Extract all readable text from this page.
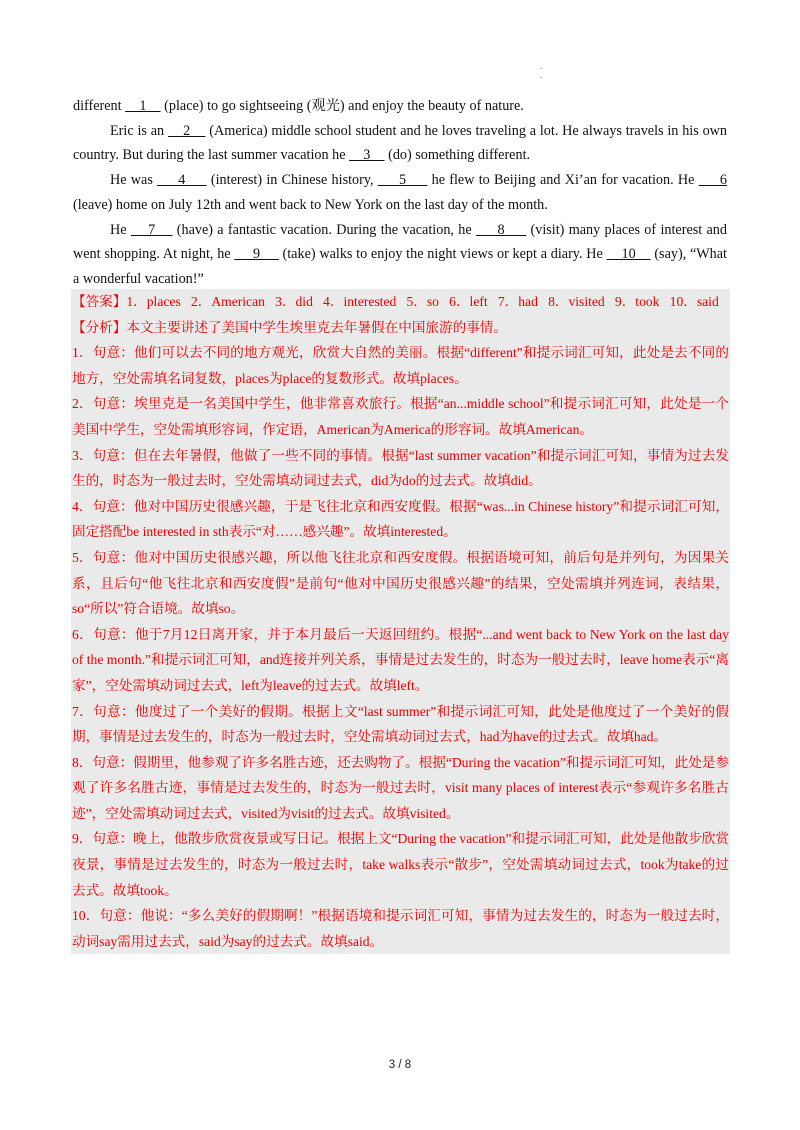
.
.

different     1     (place) to go sightseeing (观光) and enjoy the beauty of nature.

Eric is an     2     (America) middle school student and he loves traveling a lot. He always travels in his own country. But during the last summer vacation he     3     (do) something different.

He was      4      (interest) in Chinese history,      5      he flew to Beijing and Xi’an for vacation. He      6 (leave) home on July 12th and went back to New York on the last day of the month.

He     7     (have) a fantastic vacation. During the vacation, he      8      (visit) many places of interest and went shopping. At night, he      9      (take) walks to enjoy the night views or kept a diary. He     10     (say), “What a wonderful vacation!”

【答案】1．places   2．American   3．did   4．interested   5．so   6．left   7．had   8．visited   9．took   10．said

【分析】本文主要讲述了美国中学生埃里克去年暑假在中国旅游的事情。

1．句意：他们可以去不同的地方观光，欣赏大自然的美丽。根据“different”和提示词汇可知，此处是去不同的地方，空处需填名词复数，places为place的复数形式。故填places。

2．句意：埃里克是一名美国中学生，他非常喜欢旅行。根据“an...middle school”和提示词汇可知，此处是一个美国中学生，空处需填形容词，作定语，American为America的形容词。故填American。

3．句意：但在去年暑假，他做了一些不同的事情。根据“last summer vacation”和提示词汇可知，事情为过去发生的，时态为一般过去时，空处需填动词过去式，did为do的过去式。故填did。

4．句意：他对中国历史很感兴趣，于是飞往北京和西安度假。根据“was...in Chinese history”和提示词汇可知，固定搭配be interested in sth表示“对……感兴趣”。故填interested。

5．句意：他对中国历史很感兴趣，所以他飞往北京和西安度假。根据语境可知，前后句是并列句，为因果关系，且后句“他飞往北京和西安度假”是前句“他对中国历史很感兴趣”的结果，空处需填并列连词，表结果，so“所以”符合语境。故填so。

6．句意：他于7月12日离开家，并于本月最后一天返回纽约。根据“...and went back to New York on the last day of the month.”和提示词汇可知，and连接并列关系，事情是过去发生的，时态为一般过去时，leave home表示“离家”，空处需填动词过去式，left为leave的过去式。故填left。

7．句意：他度过了一个美好的假期。根据上文“last summer”和提示词汇可知，此处是他度过了一个美好的假期，事情是过去发生的，时态为一般过去时，空处需填动词过去式，had为have的过去式。故填had。

8．句意：假期里，他参观了许多名胜古迹，还去购物了。根据“During the vacation”和提示词汇可知，此处是参观了许多名胜古迹，事情是过去发生的，时态为一般过去时，visit many places of interest表示“参观许多名胜古迹”，空处需填动词过去式，visited为visit的过去式。故填visited。

9．句意：晚上，他散步欣赏夜景或写日记。根据上文“During the vacation”和提示词汇可知，此处是他散步欣赏夜景，事情是过去发生的，时态为一般过去时，take walks表示“散步”，空处需填动词过去式，took为take的过去式。故填took。

10．句意：他说：“多么美好的假期啊！”根据语境和提示词汇可知，事情为过去发生的，时态为一般过去时，动词say需用过去式，said为say的过去式。故填said。

3 / 8
